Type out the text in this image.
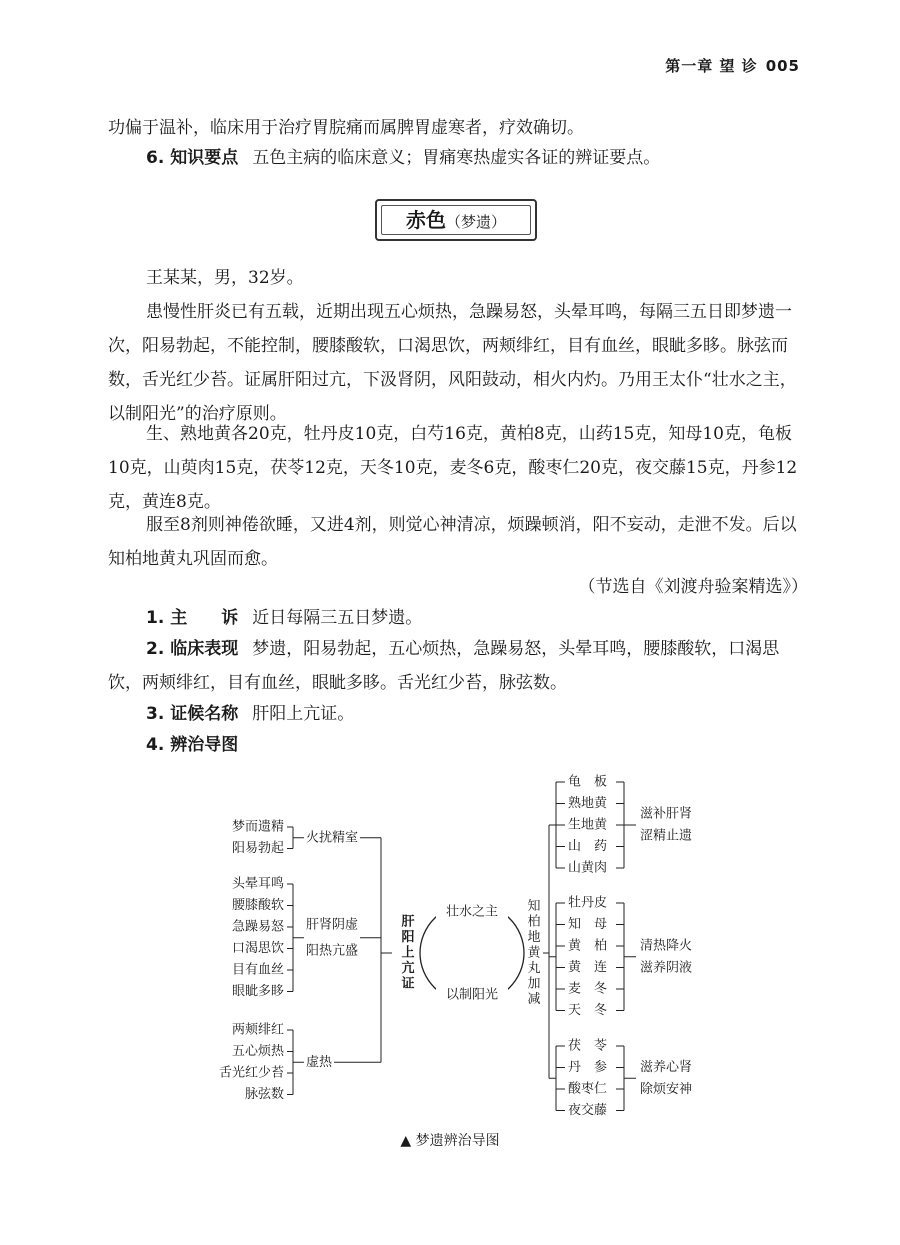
第一章 望 诊 005

功偏于温补，临床用于治疗胃脘痛而属脾胃虚寒者，疗效确切。

6. 知识要点 五色主病的临床意义；胃痛寒热虚实各证的辨证要点。

赤色（梦遗）

王某某，男，32岁。

患慢性肝炎已有五载，近期出现五心烦热，急躁易怒，头晕耳鸣，每隔三五日即梦遗一次，阳易勃起，不能控制，腰膝酸软，口渴思饮，两颊绯红，目有血丝，眼眦多眵。脉弦而数，舌光红少苔。证属肝阳过亢，下汲肾阴，风阳鼓动，相火内灼。乃用王太仆“壮水之主，以制阳光”的治疗原则。

生、熟地黄各20克，牡丹皮10克，白芍16克，黄柏8克，山药15克，知母10克，龟板10克，山萸肉15克，茯苓12克，天冬10克，麦冬6克，酸枣仁20克，夜交藤15克，丹参12克，黄连8克。

服至8剂则神倦欲睡，又进4剂，则觉心神清凉，烦躁顿消，阳不妄动，走泄不发。后以知柏地黄丸巩固而愈。

（节选自《刘渡舟验案精选》）

1. 主　　诉 近日每隔三五日梦遗。

2. 临床表现 梦遗，阳易勃起，五心烦热，急躁易怒，头晕耳鸣，腰膝酸软，口渴思饮，两颊绯红，目有血丝，眼眦多眵。舌光红少苔，脉弦数。

3. 证候名称 肝阳上亢证。

4. 辨治导图

梦而遗精
阳易勃起
火扰精室
头晕耳鸣
腰膝酸软
急躁易怒
口渴思饮
目有血丝
眼眦多眵
肝肾阴虚
阳热亢盛
两颊绯红
五心烦热
舌光红少苔
脉弦数
虚热
肝
阳
上
亢
证
壮水之主
以制阳光
知
柏
地
黄
丸
加
减
龟　板
熟地黄
生地黄
山　药
山黄肉
滋补肝肾
涩精止遗
牡丹皮
知　母
黄　柏
黄　连
麦　冬
天　冬
清热降火
滋养阴液
茯　苓
丹　参
酸枣仁
夜交藤
滋养心肾
除烦安神
▲ 梦遗辨治导图
